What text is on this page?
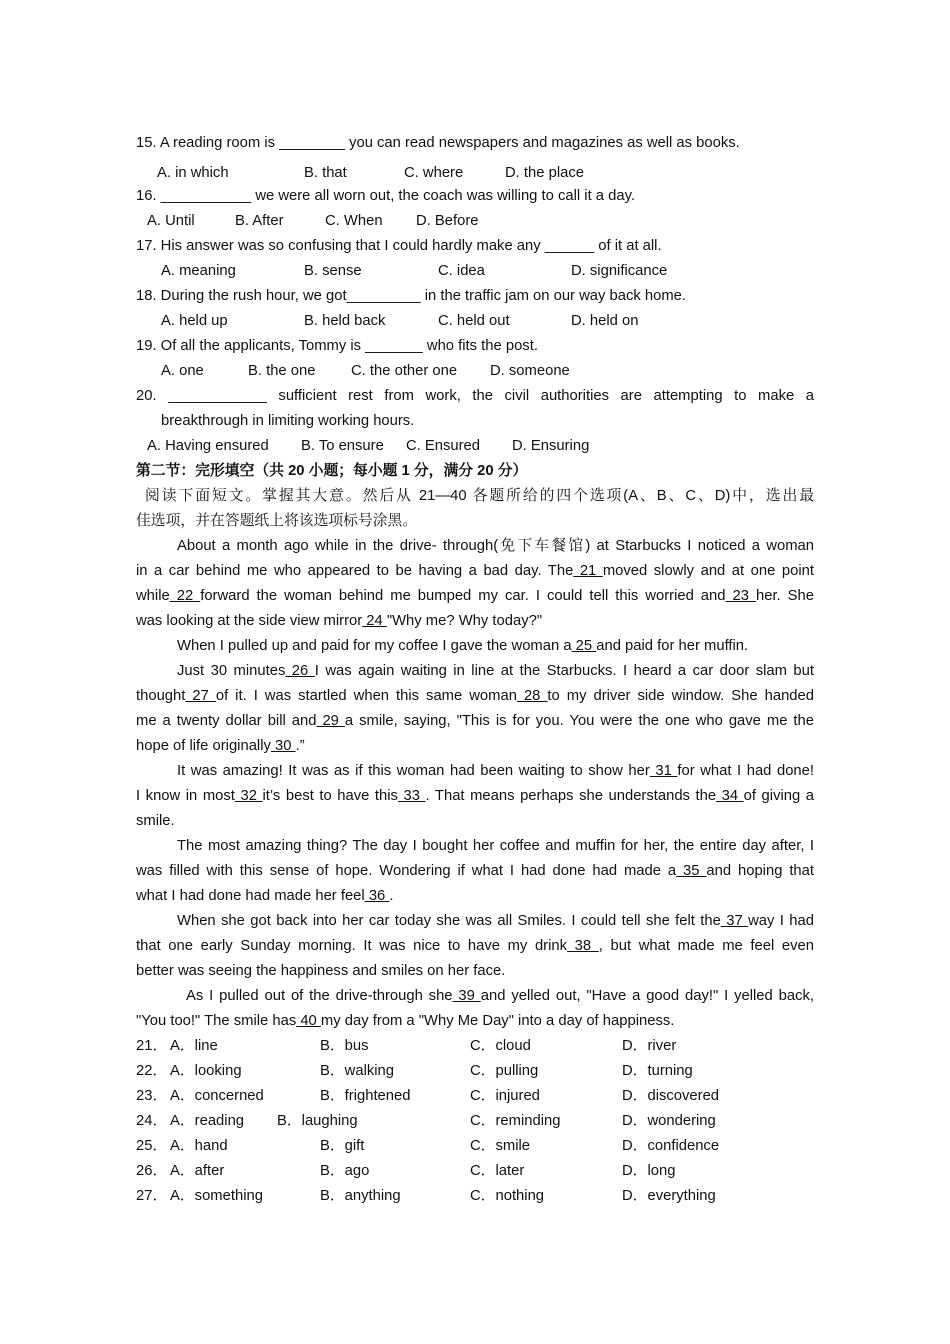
15. A reading room is ________ you can read newspapers and magazines as well as books.
A. in which	B. that	C. where	D. the place
16. ___________ we were all worn out, the coach was willing to call it a day.
A. Until	B. After	C. When D. Before
17. His answer was so confusing that I could hardly make any ______ of it at all.
A. meaning	B. sense	C. idea	D. significance
18. During the rush hour, we got_________ in the traffic jam on our way back home.
A. held up	B. held back	C. held out	D. held on
19. Of all the applicants, Tommy is _______ who fits the post.
A. one	B. the one C. the other one D. someone
20. ____________ sufficient rest from work, the civil authorities are attempting to make a
breakthrough in limiting working hours.
A. Having ensured B. To ensure C. Ensured D. Ensuring
第二节：完形填空（共 20 小题；每小题 1 分，满分 20 分）
阅读下面短文。掌握其大意。然后从 21—40 各题所给的四个选项(A、B、C、D)中，选出最
佳选项，并在答题纸上将该选项标号涂黑。
About a month ago while in the drive- through(免下车餐馆) at Starbucks I noticed a woman
in a car behind me who appeared to be having a bad day. The 21 moved slowly and at one point
while 22 forward the woman behind me bumped my car. I could tell this worried and 23 her. She
was looking at the side view mirror 24 "Why me? Why today?"
When I pulled up and paid for my coffee I gave the woman a 25 and paid for her muffin.
Just 30 minutes 26 I was again waiting in line at the Starbucks. I heard a car door slam but
thought 27 of it. I was startled when this same woman 28 to my driver side window. She handed
me a twenty dollar bill and 29 a smile, saying, "This is for you. You were the one who gave me the
hope of life originally 30 .”
It was amazing! It was as if this woman had been waiting to show her 31 for what I had done!
I know in most 32 it’s best to have this 33 . That means perhaps she understands the 34 of giving a
smile.
The most amazing thing? The day I bought her coffee and muffin for her, the entire day after, I
was filled with this sense of hope. Wondering if what I had done had made a 35 and hoping that
what I had done had made her feel 36 .
When she got back into her car today she was all Smiles. I could tell she felt the 37 way I had
that one early Sunday morning. It was nice to have my drink 38 , but what made me feel even
better was seeing the happiness and smiles on her face.
As I pulled out of the drive-through she 39 and yelled out, "Have a good day!" I yelled back,
"You too!" The smile has 40 my day from a "Why Me Day" into a day of happiness.
21． A．line	B．bus	C．cloud	D．river
22． A．looking	B．walking	C．pulling	D．turning
23． A．concerned	B．frightened	C．injured	D．discovered
24． A．reading B．laughing	C．reminding	D．wondering
25． A．hand	B．gift	C．smile	D．confidence
26． A．after	B．ago	C．later	D．long
27． A．something	B．anything	C．nothing	D．everything
